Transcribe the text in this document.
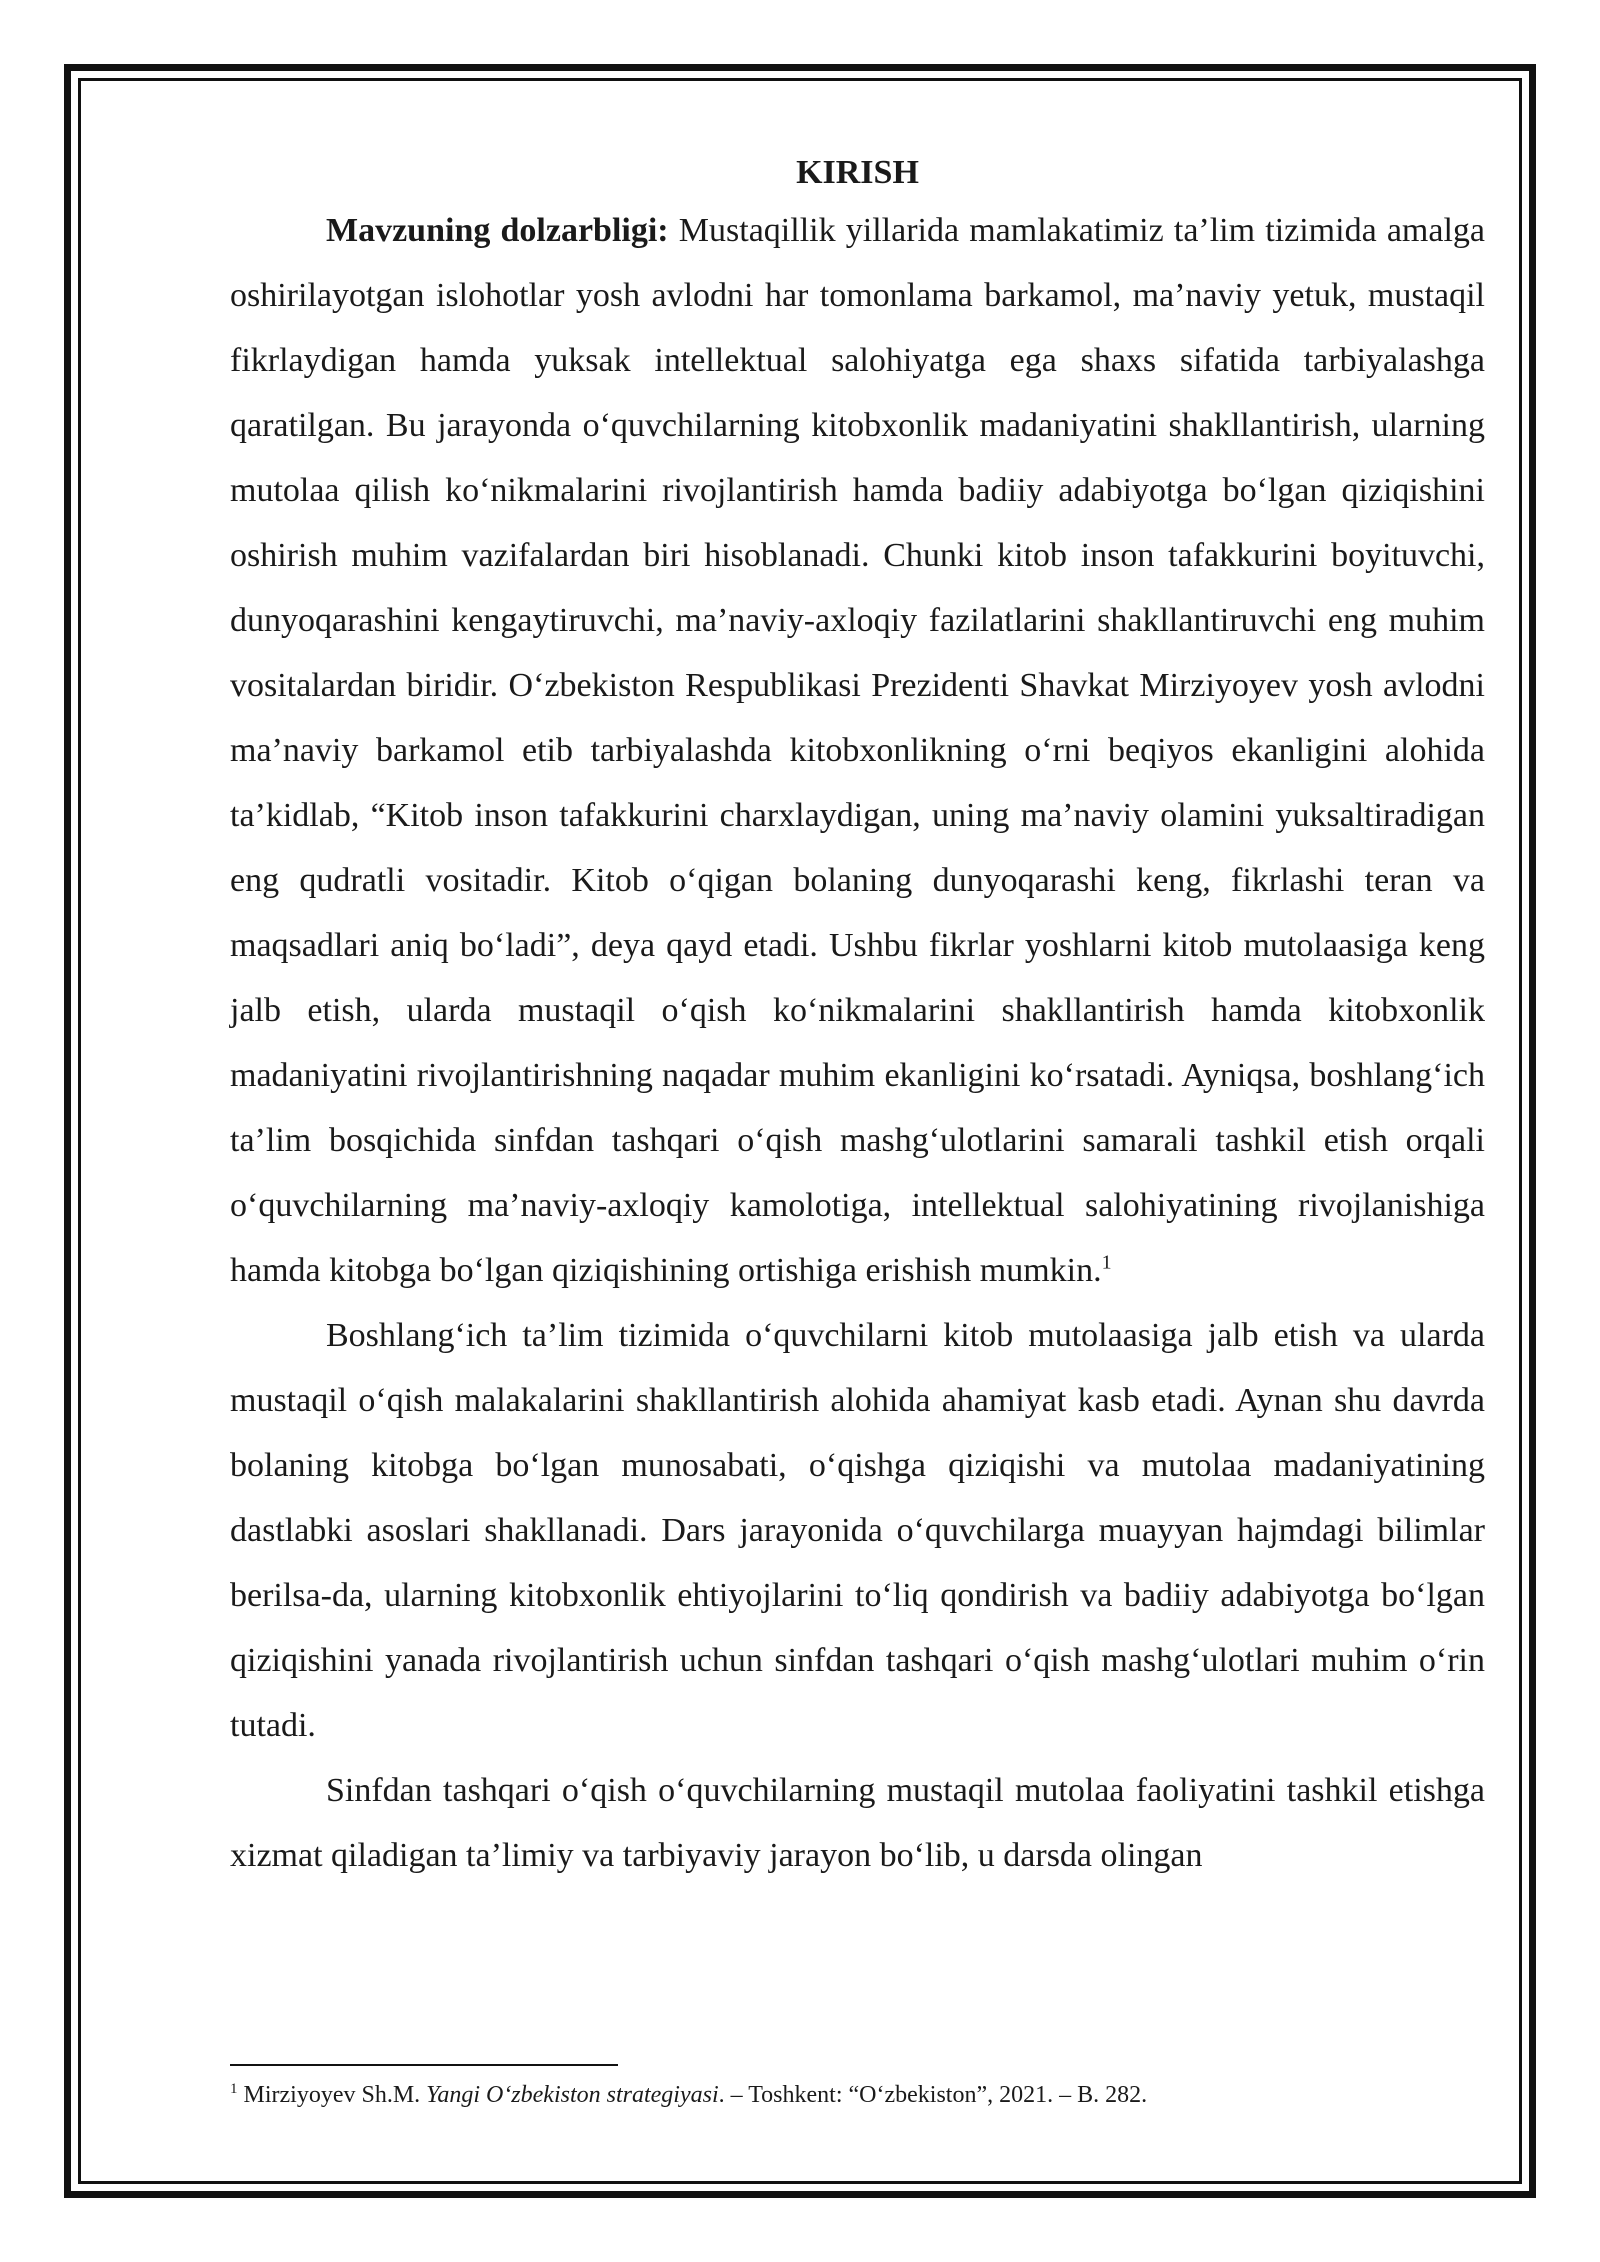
KIRISH

Mavzuning dolzarbligi: Mustaqillik yillarida mamlakatimiz ta’lim tizimida amalga oshirilayotgan islohotlar yosh avlodni har tomonlama barkamol, ma’naviy yetuk, mustaqil fikrlaydigan hamda yuksak intellektual salohiyatga ega shaxs sifatida tarbiyalashga qaratilgan. Bu jarayonda o‘quvchilarning kitobxonlik madaniyatini shakllantirish, ularning mutolaa qilish ko‘nikmalarini rivojlantirish hamda badiiy adabiyotga bo‘lgan qiziqishini oshirish muhim vazifalardan biri hisoblanadi. Chunki kitob inson tafakkurini boyituvchi, dunyoqarashini kengaytiruvchi, ma’naviy-axloqiy fazilatlarini shakllantiruvchi eng muhim vositalardan biridir. O‘zbekiston Respublikasi Prezidenti Shavkat Mirziyoyev yosh avlodni ma’naviy barkamol etib tarbiyalashda kitobxonlikning o‘rni beqiyos ekanligini alohida ta’kidlab, “Kitob inson tafakkurini charxlaydigan, uning ma’naviy olamini yuksaltiradigan eng qudratli vositadir. Kitob o‘qigan bolaning dunyoqarashi keng, fikrlashi teran va maqsadlari aniq bo‘ladi”, deya qayd etadi. Ushbu fikrlar yoshlarni kitob mutolaasiga keng jalb etish, ularda mustaqil o‘qish ko‘nikmalarini shakllantirish hamda kitobxonlik madaniyatini rivojlantirishning naqadar muhim ekanligini ko‘rsatadi. Ayniqsa, boshlang‘ich ta’lim bosqichida sinfdan tashqari o‘qish mashg‘ulotlarini samarali tashkil etish orqali o‘quvchilarning ma’naviy-axloqiy kamolotiga, intellektual salohiyatining rivojlanishiga hamda kitobga bo‘lgan qiziqishining ortishiga erishish mumkin.$^1$

Boshlang‘ich ta’lim tizimida o‘quvchilarni kitob mutolaasiga jalb etish va ularda mustaqil o‘qish malakalarini shakllantirish alohida ahamiyat kasb etadi. Aynan shu davrda bolaning kitobga bo‘lgan munosabati, o‘qishga qiziqishi va mutolaa madaniyatining dastlabki asoslari shakllanadi. Dars jarayonida o‘quvchilarga muayyan hajmdagi bilimlar berilsa-da, ularning kitobxonlik ehtiyojlarini to‘liq qondirish va badiiy adabiyotga bo‘lgan qiziqishini yanada rivojlantirish uchun sinfdan tashqari o‘qish mashg‘ulotlari muhim o‘rin tutadi.

Sinfdan tashqari o‘qish o‘quvchilarning mustaqil mutolaa faoliyatini tashkil etishga xizmat qiladigan ta’limiy va tarbiyaviy jarayon bo‘lib, u darsda olingan

$^1$ Mirziyoyev Sh.M. Yangi O‘zbekiston strategiyasi. – Toshkent: “O‘zbekiston”, 2021. – B. 282.
